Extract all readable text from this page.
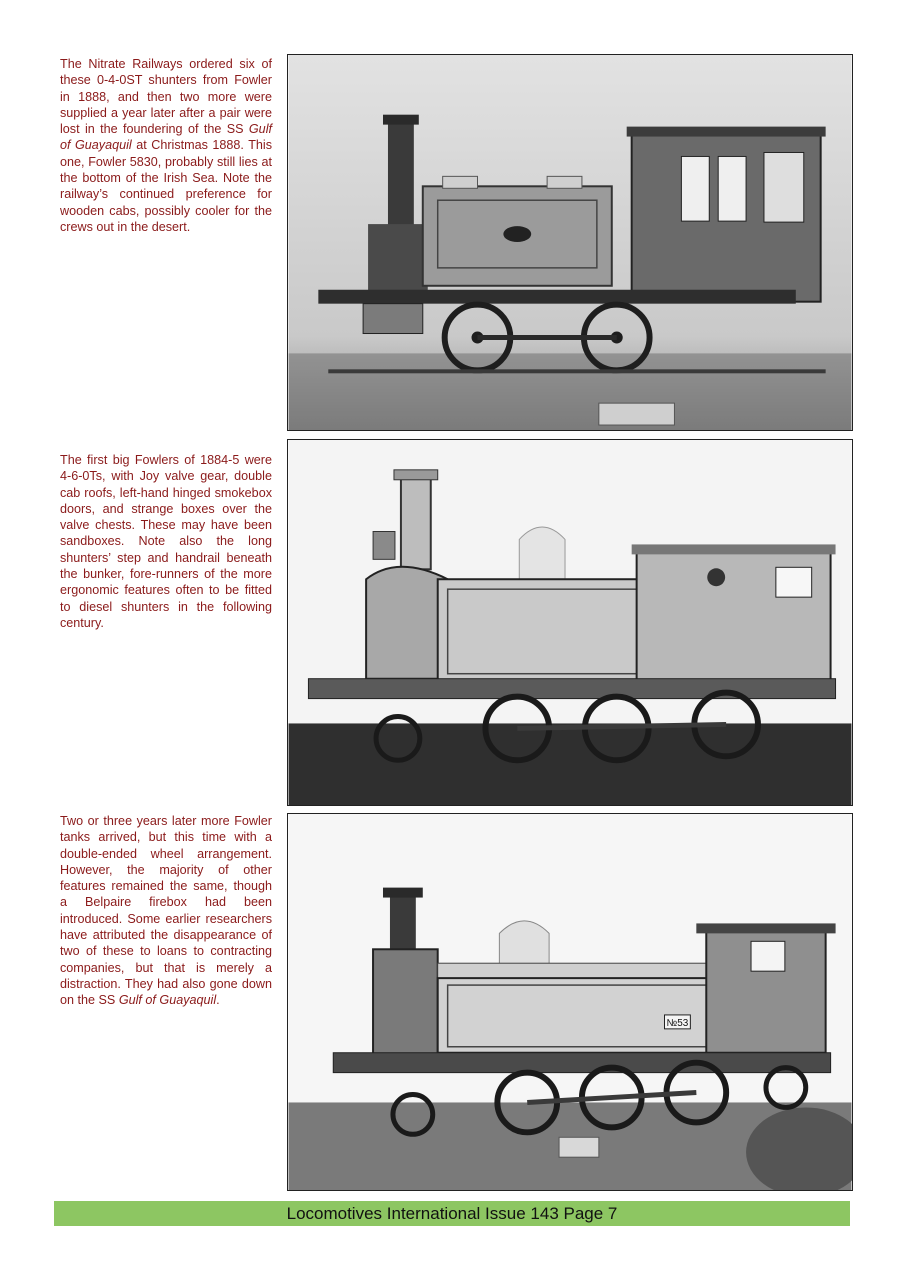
The Nitrate Railways ordered six of these 0-4-0ST shunters from Fowler in 1888, and then two more were supplied a year later after a pair were lost in the foundering of the SS Gulf of Guayaquil at Christmas 1888. This one, Fowler 5830, probably still lies at the bottom of the Irish Sea. Note the railway’s continued preference for wooden cabs, possibly cooler for the crews out in the desert.

The first big Fowlers of 1884-5 were 4-6-0Ts, with Joy valve gear, double cab roofs, left-hand hinged smokebox doors, and strange boxes over the valve chests. These may have been sandboxes. Note also the long shunters’ step and handrail beneath the bunker, fore-runners of the more ergonomic features often to be fitted to diesel shunters in the following century.

Two or three years later more Fowler tanks arrived, but this time with a double-ended wheel arrangement. However, the majority of other features remained the same, though a Belpaire firebox had been introduced. Some earlier researchers have attributed the disappearance of two of these to loans to contracting companies, but that is merely a distraction. They had also gone down on the SS Gulf of Guayaquil.

№53
Locomotives International Issue 143 Page 7
